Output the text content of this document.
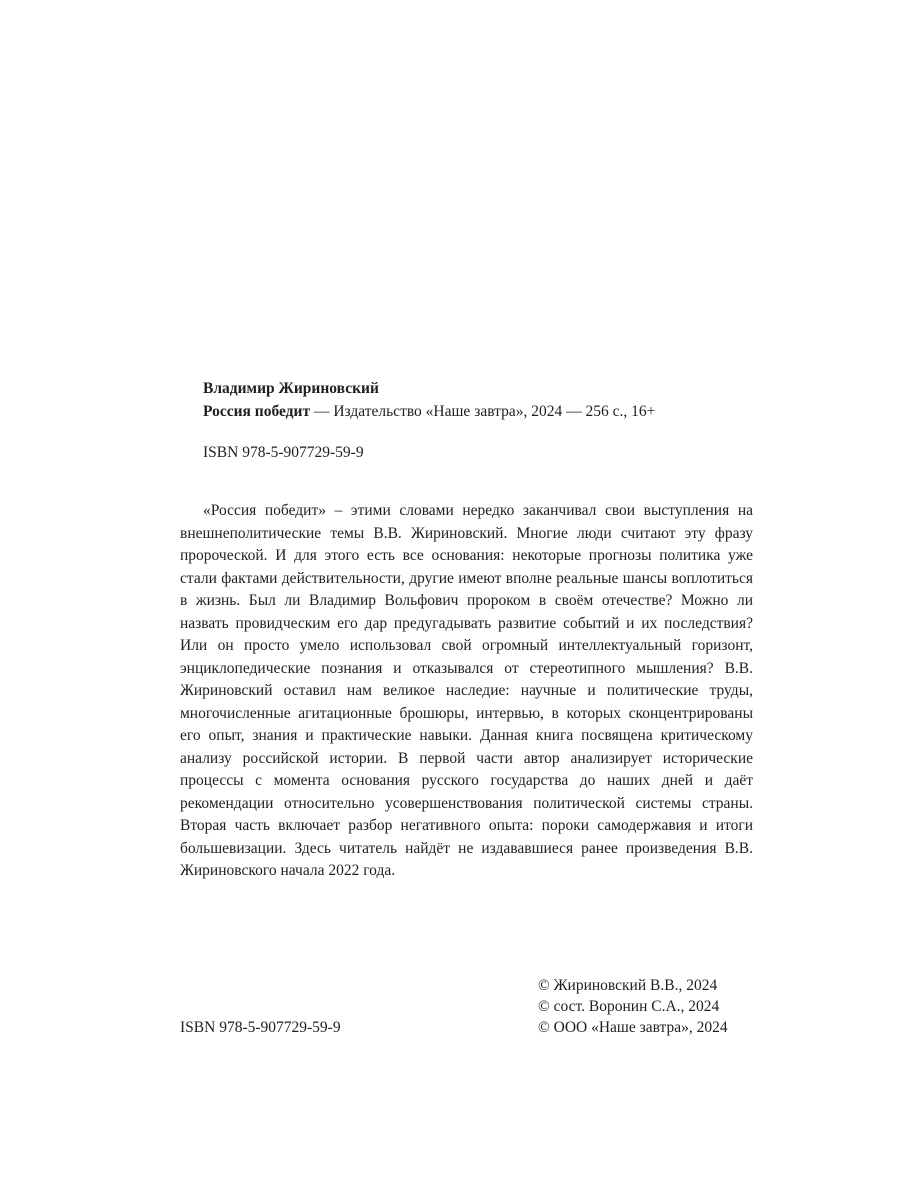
Владимир Жириновский

Россия победит — Издательство «Наше завтра», 2024 — 256 с., 16+

ISBN 978-5-907729-59-9

«Россия победит» – этими словами нередко заканчивал свои выступления на внешнеполитические темы В.В. Жириновский. Многие люди считают эту фразу пророческой. И для этого есть все основания: некоторые прогнозы политика уже стали фактами действительности, другие имеют вполне реальные шансы воплотиться в жизнь. Был ли Владимир Вольфович пророком в своём отечестве? Можно ли назвать провидческим его дар предугадывать развитие событий и их последствия? Или он просто умело использовал свой огромный интеллектуальный горизонт, энциклопедические познания и отказывался от стереотипного мышления? В.В. Жириновский оставил нам великое наследие: научные и политические труды, многочисленные агитационные брошюры, интервью, в которых сконцентрированы его опыт, знания и практические навыки. Данная книга посвящена критическому анализу российской истории. В первой части автор анализирует исторические процессы с момента основания русского государства до наших дней и даёт рекомендации относительно усовершенствования политической системы страны. Вторая часть включает разбор негативного опыта: пороки самодержавия и итоги большевизации. Здесь читатель найдёт не издававшиеся ранее произведения В.В. Жириновского начала 2022 года.

© Жириновский В.В., 2024

© сост. Воронин С.А., 2024

© ООО «Наше завтра», 2024

ISBN 978-5-907729-59-9
